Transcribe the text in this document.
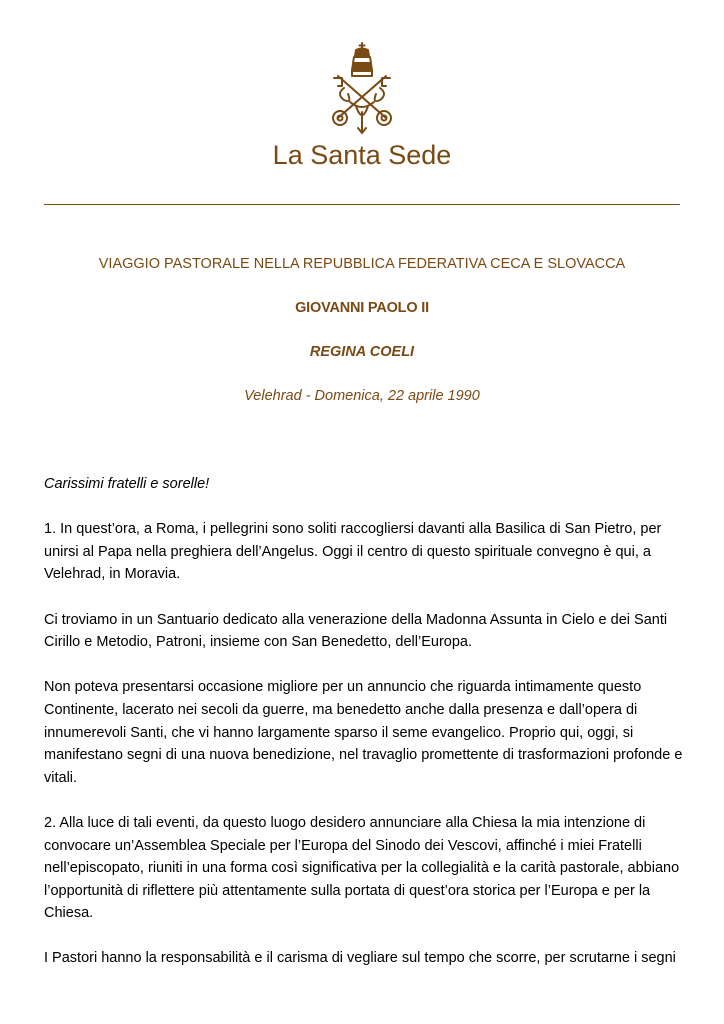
La Santa Sede
VIAGGIO PASTORALE NELLA REPUBBLICA FEDERATIVA CECA E SLOVACCA
GIOVANNI PAOLO II
REGINA COELI
Velehrad - Domenica, 22 aprile 1990

Carissimi fratelli e sorelle!

1. In quest’ora, a Roma, i pellegrini sono soliti raccogliersi davanti alla Basilica di San Pietro, per unirsi al Papa nella preghiera dell’Angelus. Oggi il centro di questo spirituale convegno è qui, a Velehrad, in Moravia.

Ci troviamo in un Santuario dedicato alla venerazione della Madonna Assunta in Cielo e dei Santi Cirillo e Metodio, Patroni, insieme con San Benedetto, dell’Europa.

Non poteva presentarsi occasione migliore per un annuncio che riguarda intimamente questo Continente, lacerato nei secoli da guerre, ma benedetto anche dalla presenza e dall’opera di innumerevoli Santi, che vi hanno largamente sparso il seme evangelico. Proprio qui, oggi, si manifestano segni di una nuova benedizione, nel travaglio promettente di trasformazioni profonde e vitali.

2. Alla luce di tali eventi, da questo luogo desidero annunciare alla Chiesa la mia intenzione di convocare un’Assemblea Speciale per l’Europa del Sinodo dei Vescovi, affinché i miei Fratelli nell’episcopato, riuniti in una forma così significativa per la collegialità e la carità pastorale, abbiano l’opportunità di riflettere più attentamente sulla portata di quest’ora storica per l’Europa e per la Chiesa.

I Pastori hanno la responsabilità e il carisma di vegliare sul tempo che scorre, per scrutarne i segni
